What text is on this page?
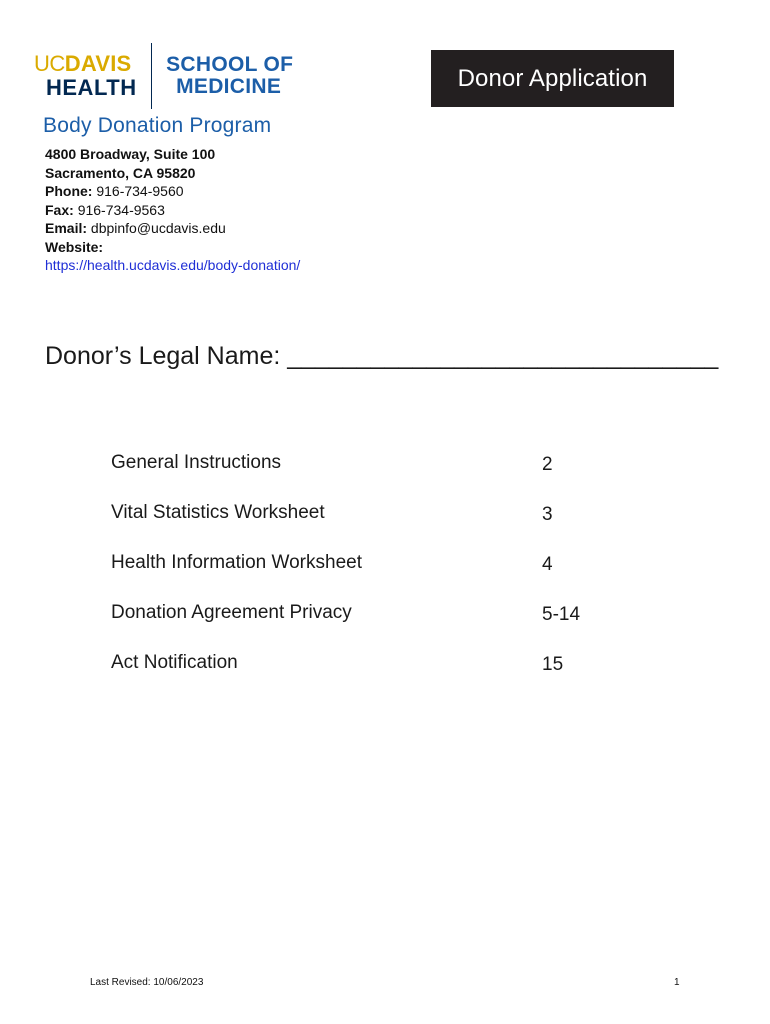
UCDAVIS
HEALTH
SCHOOL OF
MEDICINE
Body Donation Program
Donor Application
4800 Broadway, Suite 100
Sacramento, CA 95820
Phone: 916-734-9560
Fax: 916-734-9563
Email: dbpinfo@ucdavis.edu
Website:
https://health.ucdavis.edu/body-donation/
Donor’s Legal Name: _______________________________
General Instructions	2
Vital Statistics Worksheet	3
Health Information Worksheet	4
Donation Agreement Privacy	5-14
Act Notification	15
Last Revised: 10/06/2023	1
